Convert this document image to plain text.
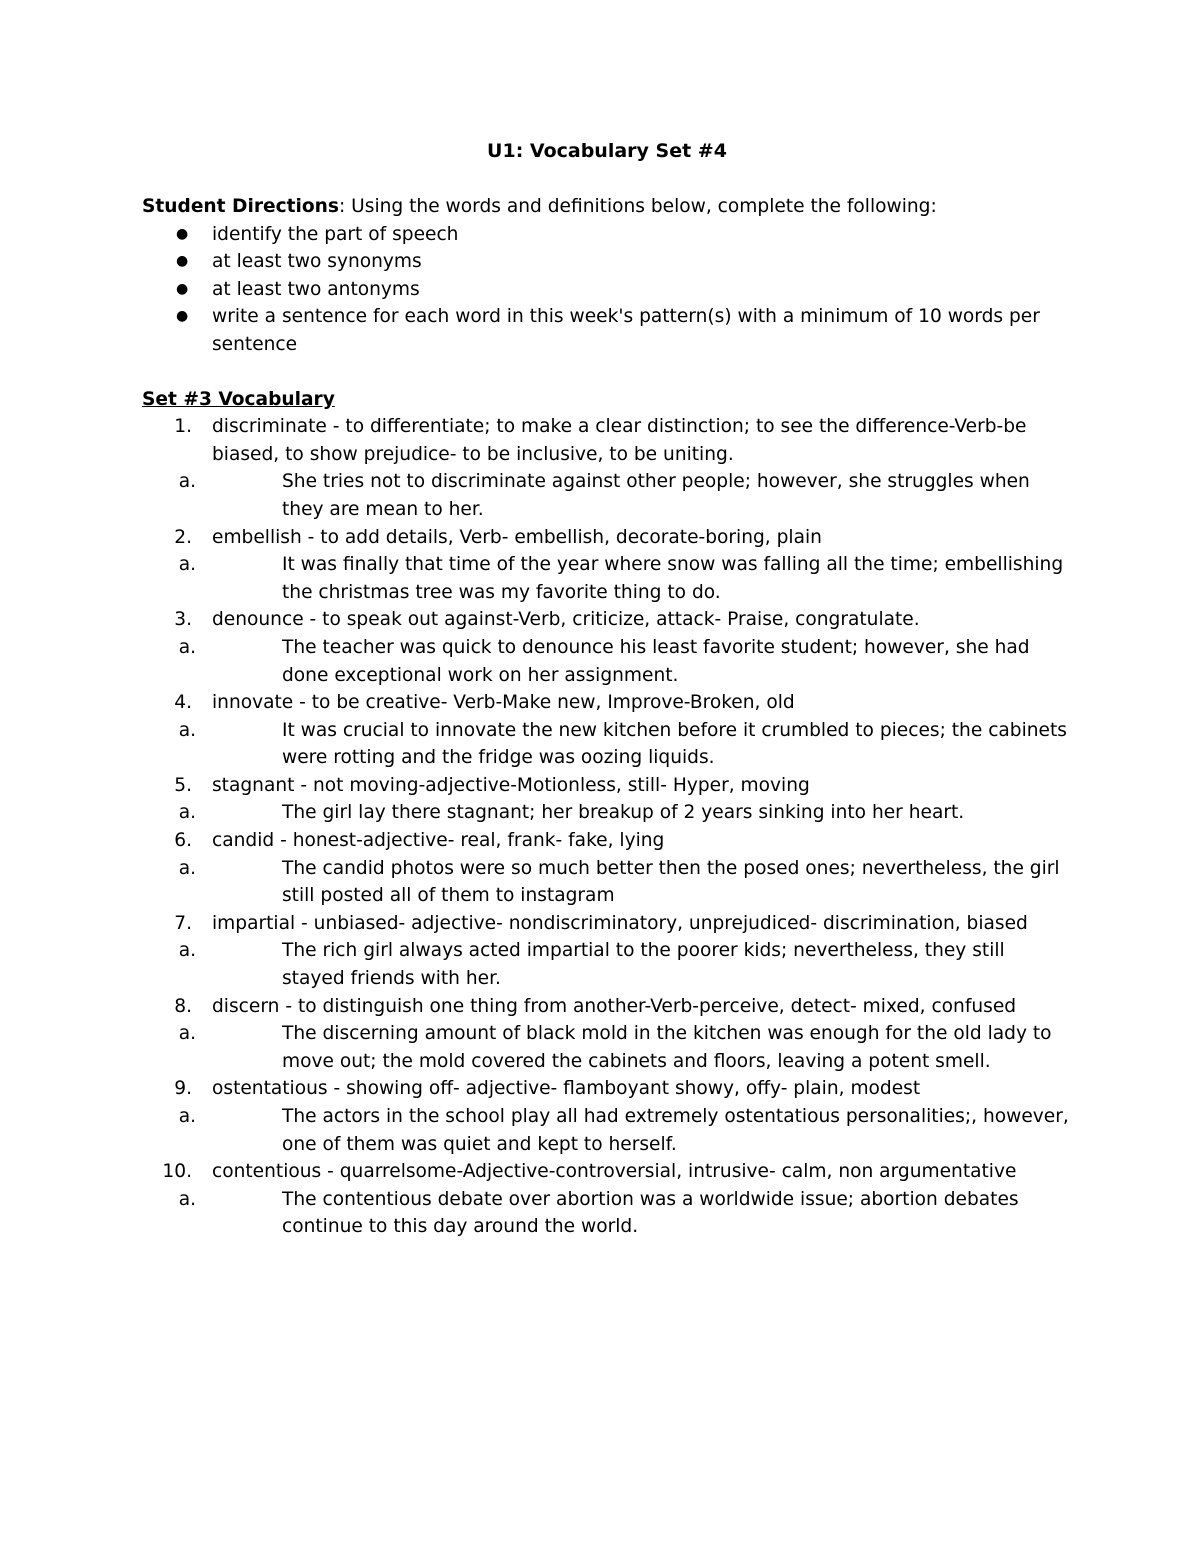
U1: Vocabulary Set #4
Student Directions: Using the words and definitions below, complete the following:
● identify the part of speech
● at least two synonyms
● at least two antonyms
● write a sentence for each word in this week's pattern(s) with a minimum of 10 words per sentence
Set #3 Vocabulary
1. discriminate - to differentiate; to make a clear distinction; to see the difference-Verb-be biased, to show prejudice- to be inclusive, to be uniting.
a.	She tries not to discriminate against other people; however, she struggles when they are mean to her.
2. embellish - to add details, Verb- embellish, decorate-boring, plain
a.	It was finally that time of the year where snow was falling all the time; embellishing the christmas tree was my favorite thing to do.
3. denounce - to speak out against-Verb, criticize, attack- Praise, congratulate.
a.	The teacher was quick to denounce his least favorite student; however, she had done exceptional work on her assignment.
4. innovate - to be creative- Verb-Make new, Improve-Broken, old
a.	It was crucial to innovate the new kitchen before it crumbled to pieces; the cabinets were rotting and the fridge was oozing liquids.
5. stagnant - not moving-adjective-Motionless, still- Hyper, moving
a.	The girl lay there stagnant; her breakup of 2 years sinking into her heart.
6. candid - honest-adjective- real, frank- fake, lying
a.	The candid photos were so much better then the posed ones; nevertheless, the girl still posted all of them to instagram
7. impartial - unbiased- adjective- nondiscriminatory, unprejudiced- discrimination, biased
a.	The rich girl always acted impartial to the poorer kids; nevertheless, they still stayed friends with her.
8. discern - to distinguish one thing from another-Verb-perceive, detect- mixed, confused
a.	The discerning amount of black mold in the kitchen was enough for the old lady to move out; the mold covered the cabinets and floors, leaving a potent smell.
9. ostentatious - showing off- adjective- flamboyant showy, offy- plain, modest
a.	The actors in the school play all had extremely ostentatious personalities;, however, one of them was quiet and kept to herself.
10. contentious - quarrelsome-Adjective-controversial, intrusive- calm, non argumentative
a.	The contentious debate over abortion was a worldwide issue; abortion debates continue to this day around the world.
